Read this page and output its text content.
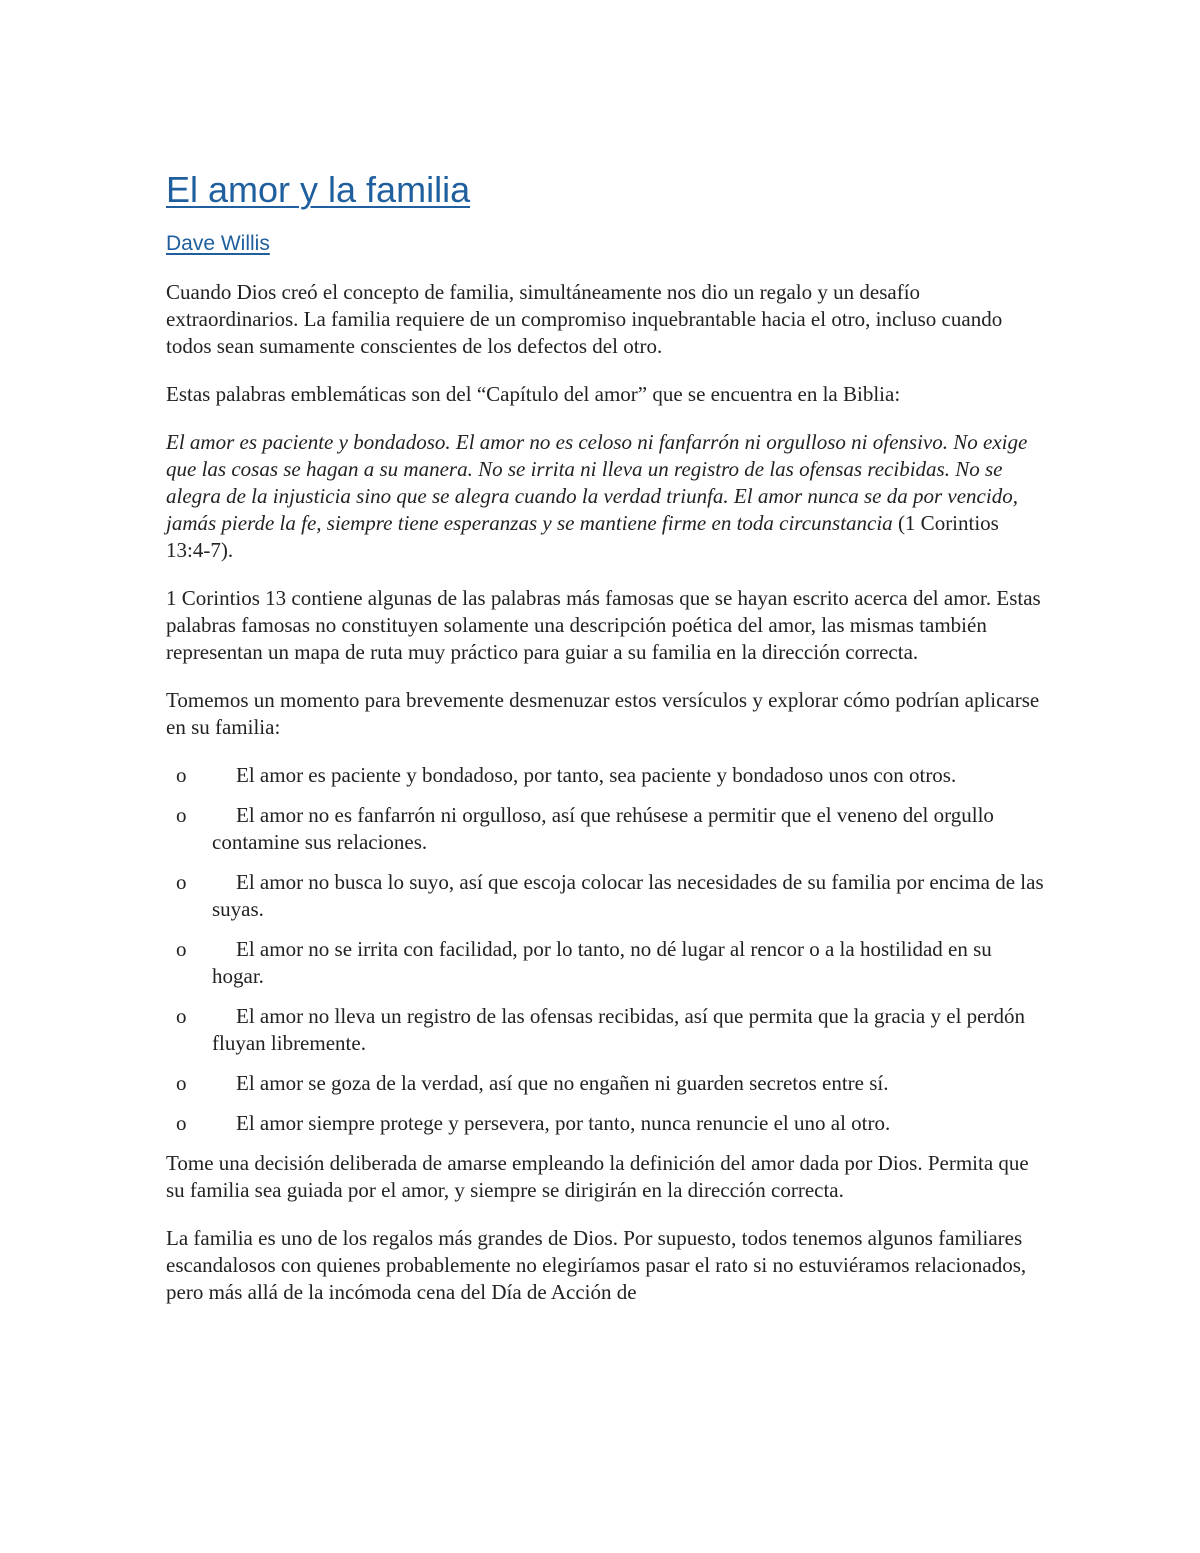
El amor y la familia
Dave Willis

Cuando Dios creó el concepto de familia, simultáneamente nos dio un regalo y un desafío extraordinarios. La familia requiere de un compromiso inquebrantable hacia el otro, incluso cuando todos sean sumamente conscientes de los defectos del otro.

Estas palabras emblemáticas son del “Capítulo del amor” que se encuentra en la Biblia:

El amor es paciente y bondadoso. El amor no es celoso ni fanfarrón ni orgulloso ni ofensivo. No exige que las cosas se hagan a su manera. No se irrita ni lleva un registro de las ofensas recibidas. No se alegra de la injusticia sino que se alegra cuando la verdad triunfa. El amor nunca se da por vencido, jamás pierde la fe, siempre tiene esperanzas y se mantiene firme en toda circunstancia (1 Corintios 13:4-7).

1 Corintios 13 contiene algunas de las palabras más famosas que se hayan escrito acerca del amor. Estas palabras famosas no constituyen solamente una descripción poética del amor, las mismas también representan un mapa de ruta muy práctico para guiar a su familia en la dirección correcta.

Tomemos un momento para brevemente desmenuzar estos versículos y explorar cómo podrían aplicarse en su familia:

o	El amor es paciente y bondadoso, por tanto, sea paciente y bondadoso unos con otros.
o	El amor no es fanfarrón ni orgulloso, así que rehúsese a permitir que el veneno del orgullo contamine sus relaciones.
o	El amor no busca lo suyo, así que escoja colocar las necesidades de su familia por encima de las suyas.
o	El amor no se irrita con facilidad, por lo tanto, no dé lugar al rencor o a la hostilidad en su hogar.
o	El amor no lleva un registro de las ofensas recibidas, así que permita que la gracia y el perdón fluyan libremente.
o	El amor se goza de la verdad, así que no engañen ni guarden secretos entre sí.
o	El amor siempre protege y persevera, por tanto, nunca renuncie el uno al otro.

Tome una decisión deliberada de amarse empleando la definición del amor dada por Dios. Permita que su familia sea guiada por el amor, y siempre se dirigirán en la dirección correcta.

La familia es uno de los regalos más grandes de Dios. Por supuesto, todos tenemos algunos familiares escandalosos con quienes probablemente no elegiríamos pasar el rato si no estuviéramos relacionados, pero más allá de la incómoda cena del Día de Acción de
